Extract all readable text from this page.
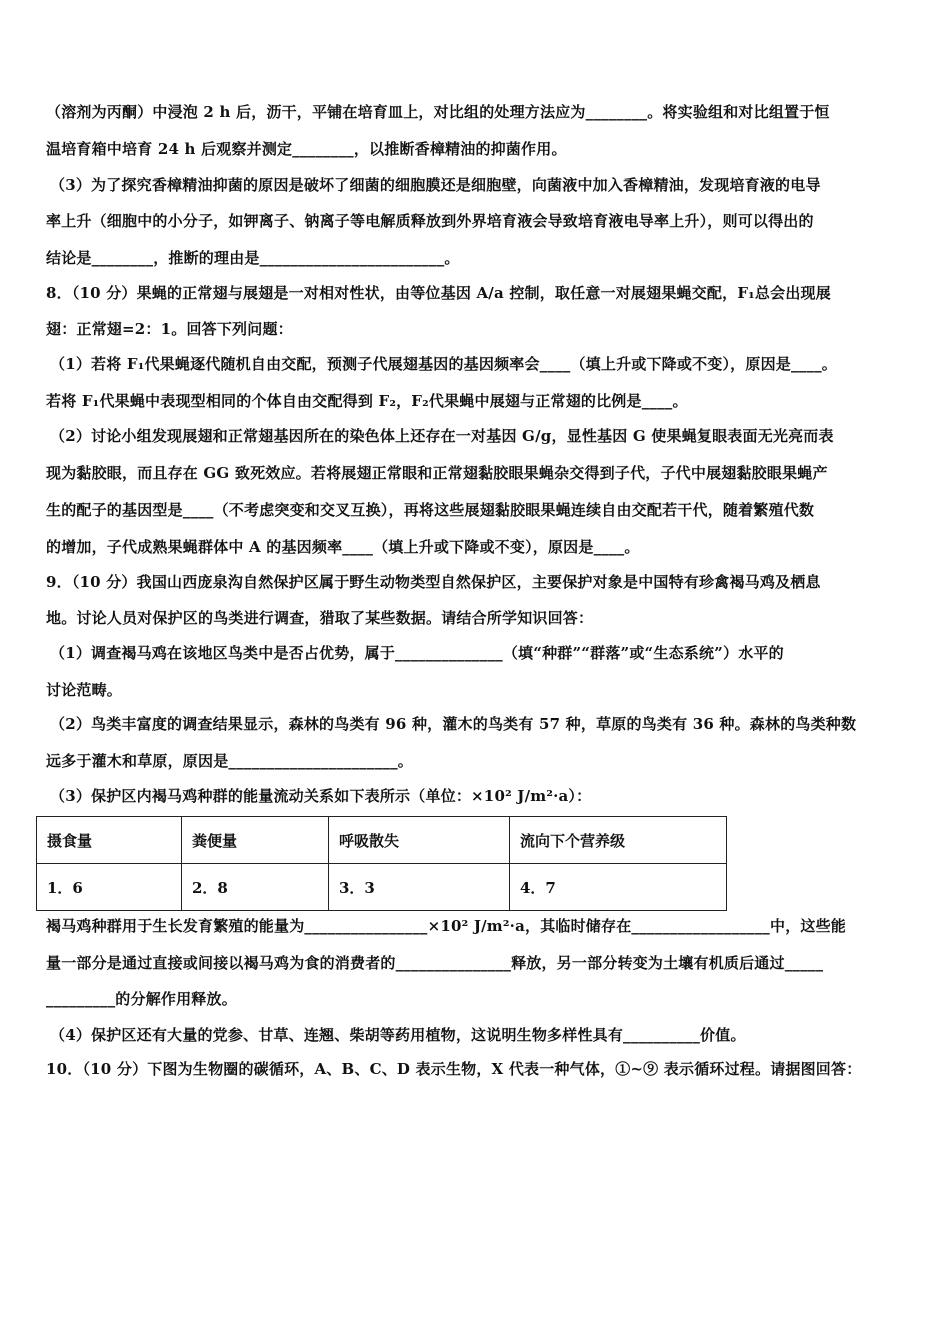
（溶剂为丙酮）中浸泡 2 h 后，沥干，平铺在培育皿上，对比组的处理方法应为________。将实验组和对比组置于恒
温培育箱中培育 24 h 后观察并测定________，以推断香樟精油的抑菌作用。
（3）为了探究香樟精油抑菌的原因是破坏了细菌的细胞膜还是细胞壁，向菌液中加入香樟精油，发现培育液的电导
率上升（细胞中的小分子，如钾离子、钠离子等电解质释放到外界培育液会导致培育液电导率上升），则可以得出的
结论是________，推断的理由是________________________。
8．（10 分）果蝇的正常翅与展翅是一对相对性状，由等位基因 A/a 控制，取任意一对展翅果蝇交配，F₁总会出现展
翅：正常翅=2：1。回答下列问题：
（1）若将 F₁代果蝇逐代随机自由交配，预测子代展翅基因的基因频率会____（填上升或下降或不变），原因是____。
若将 F₁代果蝇中表现型相同的个体自由交配得到 F₂，F₂代果蝇中展翅与正常翅的比例是____。
（2）讨论小组发现展翅和正常翅基因所在的染色体上还存在一对基因 G/g，显性基因 G 使果蝇复眼表面无光亮而表
现为黏胶眼，而且存在 GG 致死效应。若将展翅正常眼和正常翅黏胶眼果蝇杂交得到子代，子代中展翅黏胶眼果蝇产
生的配子的基因型是____（不考虑突变和交叉互换），再将这些展翅黏胶眼果蝇连续自由交配若干代，随着繁殖代数
的增加，子代成熟果蝇群体中 A 的基因频率____（填上升或下降或不变），原因是____。
9．（10 分）我国山西庞泉沟自然保护区属于野生动物类型自然保护区，主要保护对象是中国特有珍禽褐马鸡及栖息
地。讨论人员对保护区的鸟类进行调查，猎取了某些数据。请结合所学知识回答：
（1）调查褐马鸡在该地区鸟类中是否占优势，属于______________（填“种群”“群落”或“生态系统”）水平的
讨论范畴。
（2）鸟类丰富度的调查结果显示，森林的鸟类有 96 种，灌木的鸟类有 57 种，草原的鸟类有 36 种。森林的鸟类种数
远多于灌木和草原，原因是______________________。
（3）保护区内褐马鸡种群的能量流动关系如下表所示（单位：×10² J/m²·a）：
摄食量	粪便量	呼吸散失	流向下个营养级
1．6	2．8	3．3	4．7
褐马鸡种群用于生长发育繁殖的能量为________________×10² J/m²·a，其临时储存在__________________中，这些能
量一部分是通过直接或间接以褐马鸡为食的消费者的_______________释放，另一部分转变为土壤有机质后通过_____
_________的分解作用释放。
（4）保护区还有大量的党参、甘草、连翘、柴胡等药用植物，这说明生物多样性具有__________价值。
10．（10 分）下图为生物圈的碳循环，A、B、C、D 表示生物，X 代表一种气体，①~⑨ 表示循环过程。请据图回答：
